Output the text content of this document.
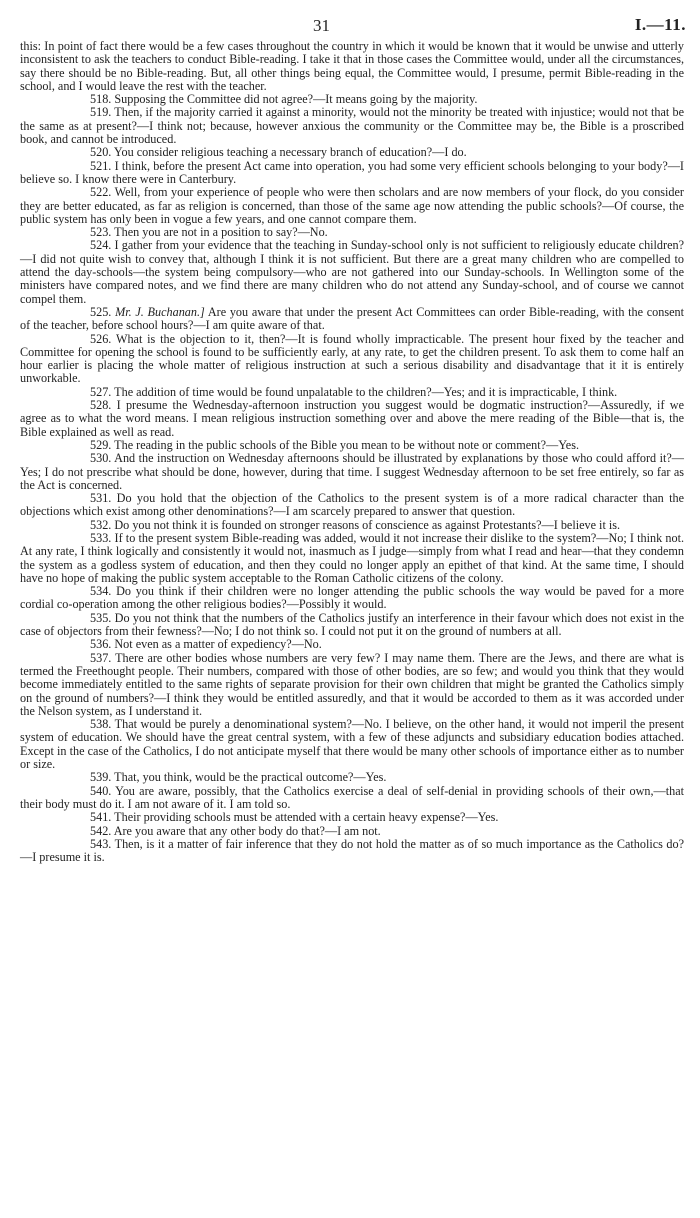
31	I.—11.

this: In point of fact there would be a few cases throughout the country in which it would be known that it would be unwise and utterly inconsistent to ask the teachers to conduct Bible-reading. I take it that in those cases the Committee would, under all the circumstances, say there should be no Bible-reading. But, all other things being equal, the Committee would, I presume, permit Bible-reading in the school, and I would leave the rest with the teacher.

518. Supposing the Committee did not agree?—It means going by the majority.

519. Then, if the majority carried it against a minority, would not the minority be treated with injustice; would not that be the same as at present?—I think not; because, however anxious the community or the Committee may be, the Bible is a proscribed book, and cannot be introduced.

520. You consider religious teaching a necessary branch of education?—I do.

521. I think, before the present Act came into operation, you had some very efficient schools belonging to your body?—I believe so. I know there were in Canterbury.

522. Well, from your experience of people who were then scholars and are now members of your flock, do you consider they are better educated, as far as religion is concerned, than those of the same age now attending the public schools?—Of course, the public system has only been in vogue a few years, and one cannot compare them.

523. Then you are not in a position to say?—No.

524. I gather from your evidence that the teaching in Sunday-school only is not sufficient to religiously educate children?—I did not quite wish to convey that, although I think it is not sufficient. But there are a great many children who are compelled to attend the day-schools—the system being compulsory—who are not gathered into our Sunday-schools. In Wellington some of the ministers have compared notes, and we find there are many children who do not attend any Sunday-school, and of course we cannot compel them.

525. Mr. J. Buchanan.] Are you aware that under the present Act Committees can order Bible-reading, with the consent of the teacher, before school hours?—I am quite aware of that.

526. What is the objection to it, then?—It is found wholly impracticable. The present hour fixed by the teacher and Committee for opening the school is found to be sufficiently early, at any rate, to get the children present. To ask them to come half an hour earlier is placing the whole matter of religious instruction at such a serious disability and disadvantage that it it is entirely unworkable.

527. The addition of time would be found unpalatable to the children?—Yes; and it is impracticable, I think.

528. I presume the Wednesday-afternoon instruction you suggest would be dogmatic instruction?—Assuredly, if we agree as to what the word means. I mean religious instruction something over and above the mere reading of the Bible—that is, the Bible explained as well as read.

529. The reading in the public schools of the Bible you mean to be without note or comment?—Yes.

530. And the instruction on Wednesday afternoons should be illustrated by explanations by those who could afford it?—Yes; I do not prescribe what should be done, however, during that time. I suggest Wednesday afternoon to be set free entirely, so far as the Act is concerned.

531. Do you hold that the objection of the Catholics to the present system is of a more radical character than the objections which exist among other denominations?—I am scarcely prepared to answer that question.

532. Do you not think it is founded on stronger reasons of conscience as against Protestants?—I believe it is.

533. If to the present system Bible-reading was added, would it not increase their dislike to the system?—No; I think not. At any rate, I think logically and consistently it would not, inasmuch as I judge—simply from what I read and hear—that they condemn the system as a godless system of education, and then they could no longer apply an epithet of that kind. At the same time, I should have no hope of making the public system acceptable to the Roman Catholic citizens of the colony.

534. Do you think if their children were no longer attending the public schools the way would be paved for a more cordial co-operation among the other religious bodies?—Possibly it would.

535. Do you not think that the numbers of the Catholics justify an interference in their favour which does not exist in the case of objectors from their fewness?—No; I do not think so. I could not put it on the ground of numbers at all.

536. Not even as a matter of expediency?—No.

537. There are other bodies whose numbers are very few? I may name them. There are the Jews, and there are what is termed the Freethought people. Their numbers, compared with those of other bodies, are so few; and would you think that they would become immediately entitled to the same rights of separate provision for their own children that might be granted the Catholics simply on the ground of numbers?—I think they would be entitled assuredly, and that it would be accorded to them as it was accorded under the Nelson system, as I understand it.

538. That would be purely a denominational system?—No. I believe, on the other hand, it would not imperil the present system of education. We should have the great central system, with a few of these adjuncts and subsidiary education bodies attached. Except in the case of the Catholics, I do not anticipate myself that there would be many other schools of importance either as to number or size.

539. That, you think, would be the practical outcome?—Yes.

540. You are aware, possibly, that the Catholics exercise a deal of self-denial in providing schools of their own,—that their body must do it. I am not aware of it. I am told so.

541. Their providing schools must be attended with a certain heavy expense?—Yes.

542. Are you aware that any other body do that?—I am not.

543. Then, is it a matter of fair inference that they do not hold the matter as of so much importance as the Catholics do?—I presume it is.
